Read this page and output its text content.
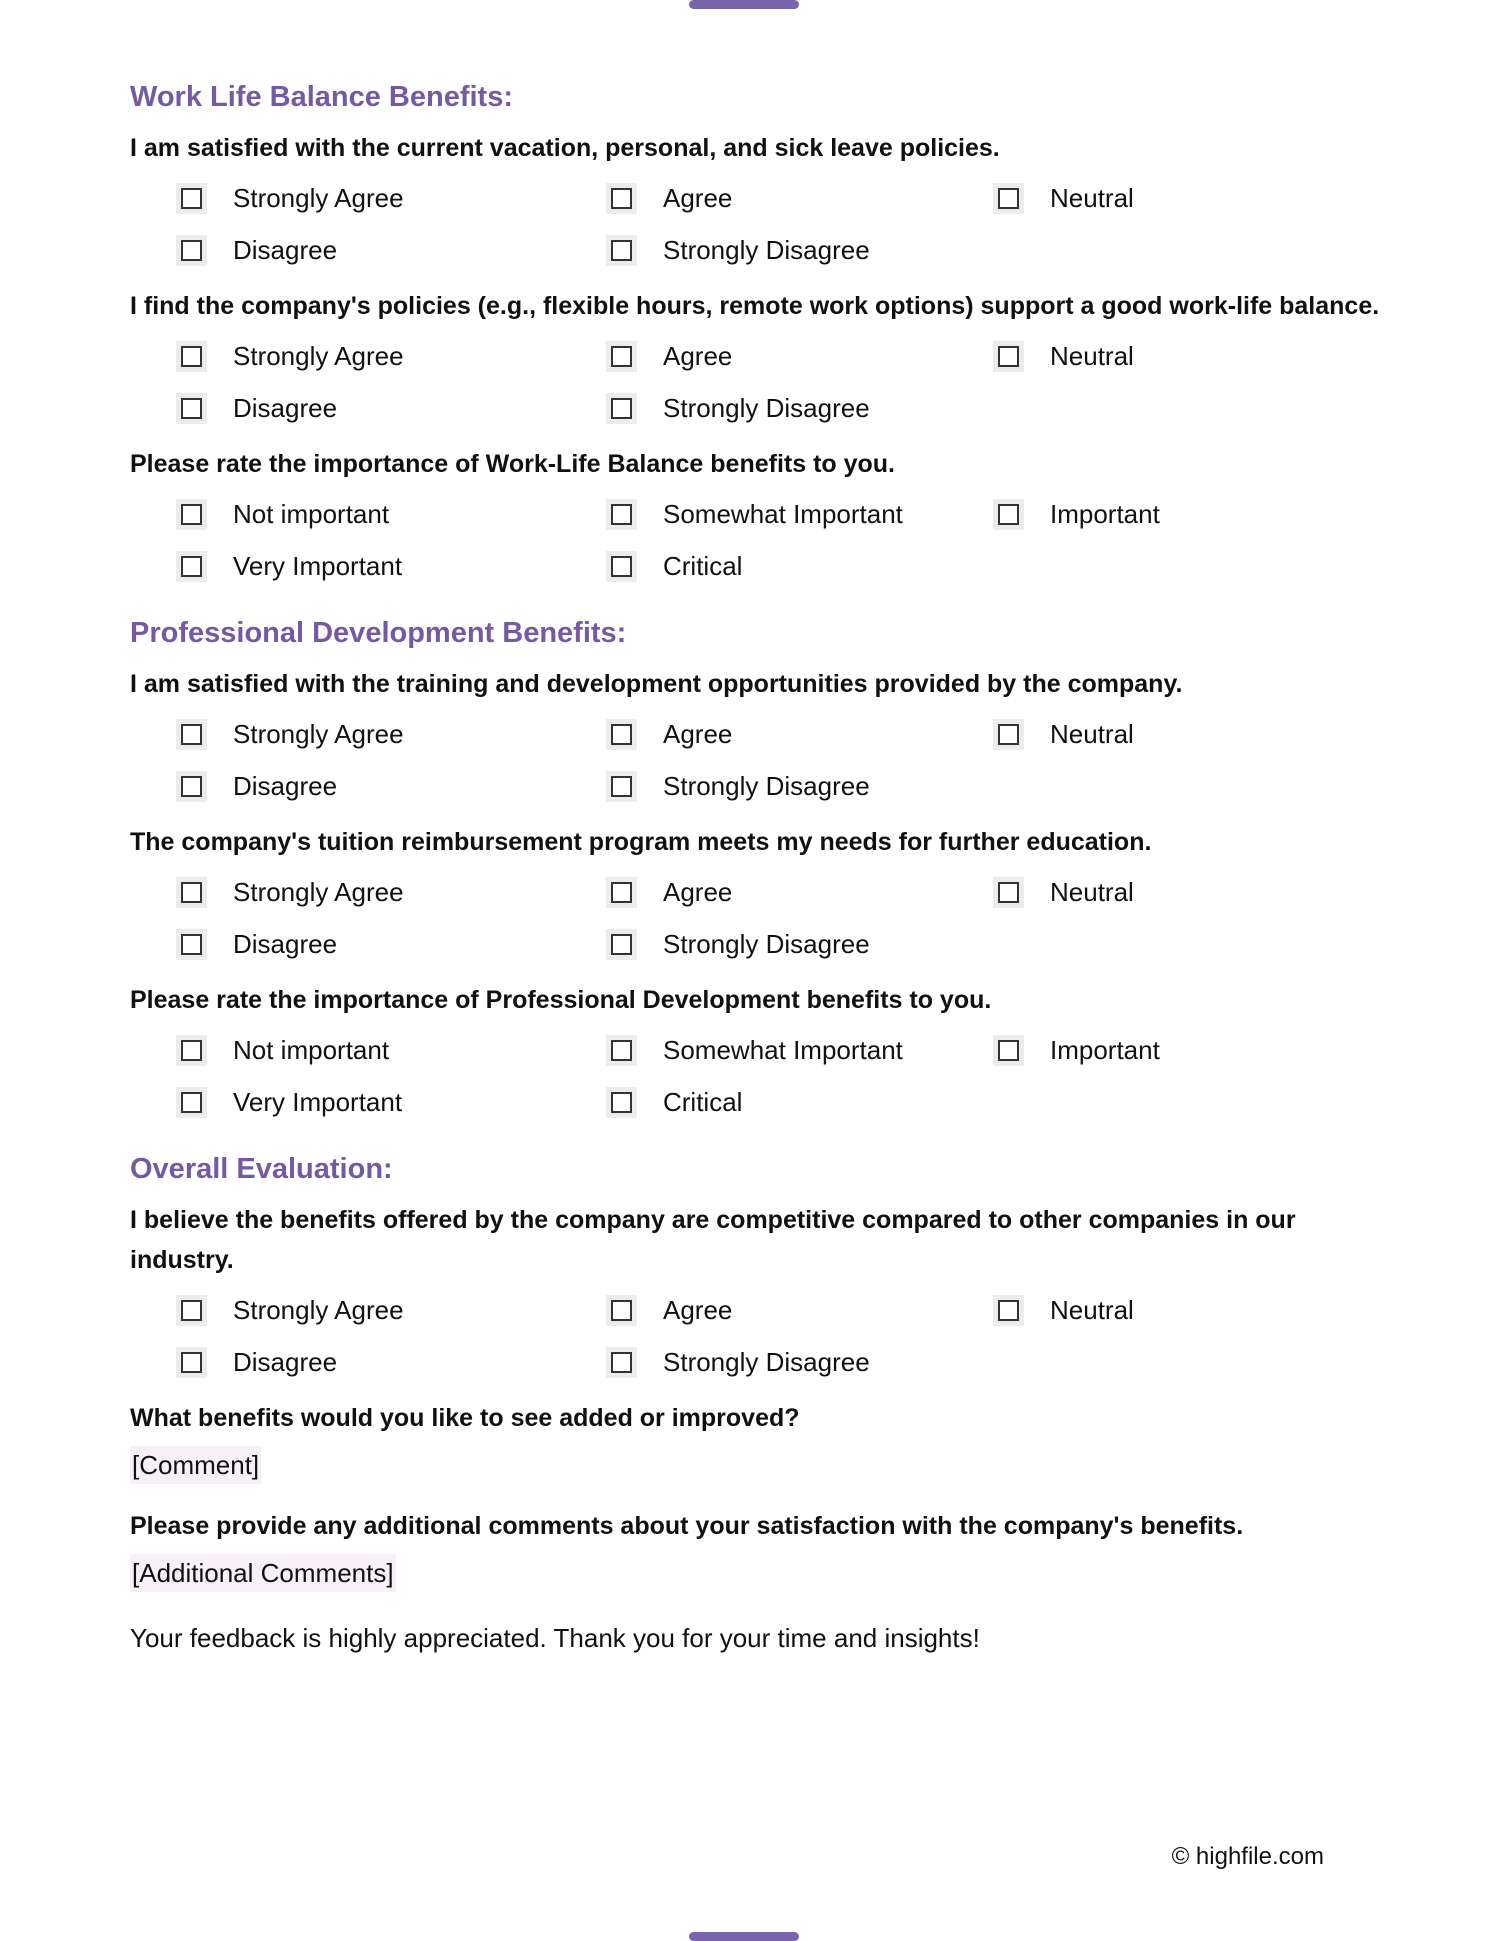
Work Life Balance Benefits:
I am satisfied with the current vacation, personal, and sick leave policies.
Strongly Agree	Agree	Neutral
Disagree	Strongly Disagree
I find the company's policies (e.g., flexible hours, remote work options) support a good work-life balance.
Strongly Agree	Agree	Neutral
Disagree	Strongly Disagree
Please rate the importance of Work-Life Balance benefits to you.
Not important	Somewhat Important	Important
Very Important	Critical
Professional Development Benefits:
I am satisfied with the training and development opportunities provided by the company.
Strongly Agree	Agree	Neutral
Disagree	Strongly Disagree
The company's tuition reimbursement program meets my needs for further education.
Strongly Agree	Agree	Neutral
Disagree	Strongly Disagree
Please rate the importance of Professional Development benefits to you.
Not important	Somewhat Important	Important
Very Important	Critical
Overall Evaluation:
I believe the benefits offered by the company are competitive compared to other companies in our industry.
Strongly Agree	Agree	Neutral
Disagree	Strongly Disagree
What benefits would you like to see added or improved?
[Comment]
Please provide any additional comments about your satisfaction with the company's benefits.
[Additional Comments]
Your feedback is highly appreciated. Thank you for your time and insights!
© highfile.com
